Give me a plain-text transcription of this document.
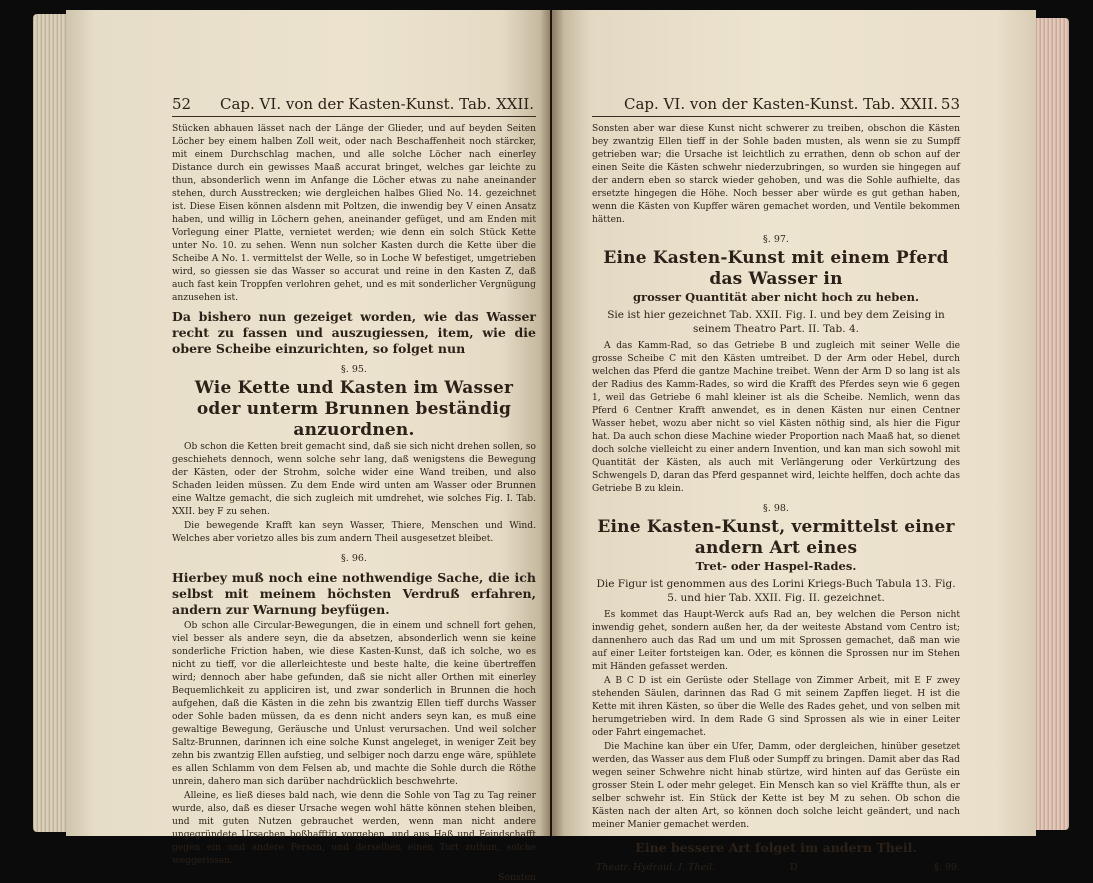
52 Cap. VI. von der Kasten-Kunst. Tab. XXII.

Stücken abhauen lässet nach der Länge der Glieder, und auf beyden Seiten Löcher bey einem halben Zoll weit, oder nach Beschaffenheit noch stärcker, mit einem Durchschlag machen, und alle solche Löcher nach einerley Distance durch ein gewisses Maaß accurat bringet, welches gar leichte zu thun, absonderlich wenn im Anfange die Löcher etwas zu nahe aneinander stehen, durch Ausstrecken; wie dergleichen halbes Glied No. 14. gezeichnet ist. Diese Eisen können alsdenn mit Poltzen, die inwendig bey V einen Ansatz haben, und willig in Löchern gehen, aneinander gefüget, und am Enden mit Vorlegung einer Platte, vernietet werden; wie denn ein solch Stück Kette unter No. 10. zu sehen. Wenn nun solcher Kasten durch die Kette über die Scheibe A No. 1. vermittelst der Welle, so in Loche W befestiget, umgetrieben wird, so giessen sie das Wasser so accurat und reine in den Kasten Z, daß auch fast kein Troppfen verlohren gehet, und es mit sonderlicher Vergnügung anzusehen ist.

Da bishero nun gezeiget worden, wie das Wasser recht zu fassen und auszugiessen, item, wie die obere Scheibe einzurichten, so folget nun

§. 95.
Wie Kette und Kasten im Wasser oder unterm Brunnen beständig anzuordnen.

Ob schon die Ketten breit gemacht sind, daß sie sich nicht drehen sollen, so geschiehets dennoch, wenn solche sehr lang, daß wenigstens die Bewegung der Kästen, oder der Strohm, solche wider eine Wand treiben, und also Schaden leiden müssen. Zu dem Ende wird unten am Wasser oder Brunnen eine Waltze gemacht, die sich zugleich mit umdrehet, wie solches Fig. I. Tab. XXII. bey F zu sehen.

Die bewegende Krafft kan seyn Wasser, Thiere, Menschen und Wind. Welches aber vorietzo alles bis zum andern Theil ausgesetzet bleibet.

§. 96.

Hierbey muß noch eine nothwendige Sache, die ich selbst mit meinem höchsten Verdruß erfahren, andern zur Warnung beyfügen.

Ob schon alle Circular-Bewegungen, die in einem und schnell fort gehen, viel besser als andere seyn, die da absetzen, absonderlich wenn sie keine sonderliche Friction haben, wie diese Kasten-Kunst, daß ich solche, wo es nicht zu tieff, vor die allerleichteste und beste halte, die keine übertreffen wird; dennoch aber habe gefunden, daß sie nicht aller Orthen mit einerley Bequemlichkeit zu appliciren ist, und zwar sonderlich in Brunnen die hoch aufgehen, daß die Kästen in die zehn bis zwantzig Ellen tieff durchs Wasser oder Sohle baden müssen, da es denn nicht anders seyn kan, es muß eine gewaltige Bewegung, Geräusche und Unlust verursachen. Und weil solcher Saltz-Brunnen, darinnen ich eine solche Kunst angeleget, in weniger Zeit bey zehn bis zwantzig Ellen aufstieg, und selbiger noch darzu enge wäre, spühlete es allen Schlamm von dem Felsen ab, und machte die Sohle durch die Röthe unrein, dahero man sich darüber nachdrücklich beschwehrte.

Alleine, es ließ dieses bald nach, wie denn die Sohle von Tag zu Tag reiner wurde, also, daß es dieser Ursache wegen wohl hätte können stehen bleiben, und mit guten Nutzen gebrauchet werden, wenn man nicht andere ungegründete Ursachen boßhafftig vorgeben, und aus Haß und Feindschafft gegen ein und andere Person, und derselben einen Tort zuthun, solche weggerissen.

Sonsten
Cap. VI. von der Kasten-Kunst. Tab. XXII. 53

Sonsten aber war diese Kunst nicht schwerer zu treiben, obschon die Kästen bey zwantzig Ellen tieff in der Sohle baden musten, als wenn sie zu Sumpff getrieben war; die Ursache ist leichtlich zu errathen, denn ob schon auf der einen Seite die Kästen schwehr niederzubringen, so wurden sie hingegen auf der andern eben so starck wieder gehoben, und was die Sohle aufhielte, das ersetzte hingegen die Höhe. Noch besser aber würde es gut gethan haben, wenn die Kästen von Kupffer wären gemachet worden, und Ventile bekommen hätten.

§. 97.
Eine Kasten-Kunst mit einem Pferd das Wasser in
grosser Quantität aber nicht hoch zu heben.
Sie ist hier gezeichnet Tab. XXII. Fig. I. und bey dem Zeising in seinem Theatro Part. II. Tab. 4.

A das Kamm-Rad, so das Getriebe B und zugleich mit seiner Welle die grosse Scheibe C mit den Kästen umtreibet. D der Arm oder Hebel, durch welchen das Pferd die gantze Machine treibet. Wenn der Arm D so lang ist als der Radius des Kamm-Rades, so wird die Krafft des Pferdes seyn wie 6 gegen 1, weil das Getriebe 6 mahl kleiner ist als die Scheibe. Nemlich, wenn das Pferd 6 Centner Krafft anwendet, es in denen Kästen nur einen Centner Wasser hebet, wozu aber nicht so viel Kästen nöthig sind, als hier die Figur hat. Da auch schon diese Machine wieder Proportion nach Maaß hat, so dienet doch solche vielleicht zu einer andern Invention, und kan man sich sowohl mit Quantität der Kästen, als auch mit Verlängerung oder Verkürtzung des Schwengels D, daran das Pferd gespannet wird, leichte helffen, doch achte das Getriebe B zu klein.

§. 98.
Eine Kasten-Kunst, vermittelst einer andern Art eines
Tret- oder Haspel-Rades.
Die Figur ist genommen aus des Lorini Kriegs-Buch Tabula 13. Fig. 5. und hier Tab. XXII. Fig. II. gezeichnet.

Es kommet das Haupt-Werck aufs Rad an, bey welchen die Person nicht inwendig gehet, sondern außen her, da der weiteste Abstand vom Centro ist; dannenhero auch das Rad um und um mit Sprossen gemachet, daß man wie auf einer Leiter fortsteigen kan. Oder, es können die Sprossen nur im Stehen mit Händen gefasset werden.

A B C D ist ein Gerüste oder Stellage von Zimmer Arbeit, mit E F zwey stehenden Säulen, darinnen das Rad G mit seinem Zapffen lieget. H ist die Kette mit ihren Kästen, so über die Welle des Rades gehet, und von selben mit herumgetrieben wird. In dem Rade G sind Sprossen als wie in einer Leiter oder Fahrt eingemachet.

Die Machine kan über ein Ufer, Damm, oder dergleichen, hinüber gesetzet werden, das Wasser aus dem Fluß oder Sumpff zu bringen. Damit aber das Rad wegen seiner Schwehre nicht hinab stürtze, wird hinten auf das Gerüste ein grosser Stein L oder mehr geleget. Ein Mensch kan so viel Kräffte thun, als er selber schwehr ist. Ein Stück der Kette ist bey M zu sehen. Ob schon die Kästen nach der alten Art, so können doch solche leicht geändert, und nach meiner Manier gemachet werden.

Eine bessere Art folget im andern Theil.
Theatr. Hydraul. I. Theil.	D	§. 99.
